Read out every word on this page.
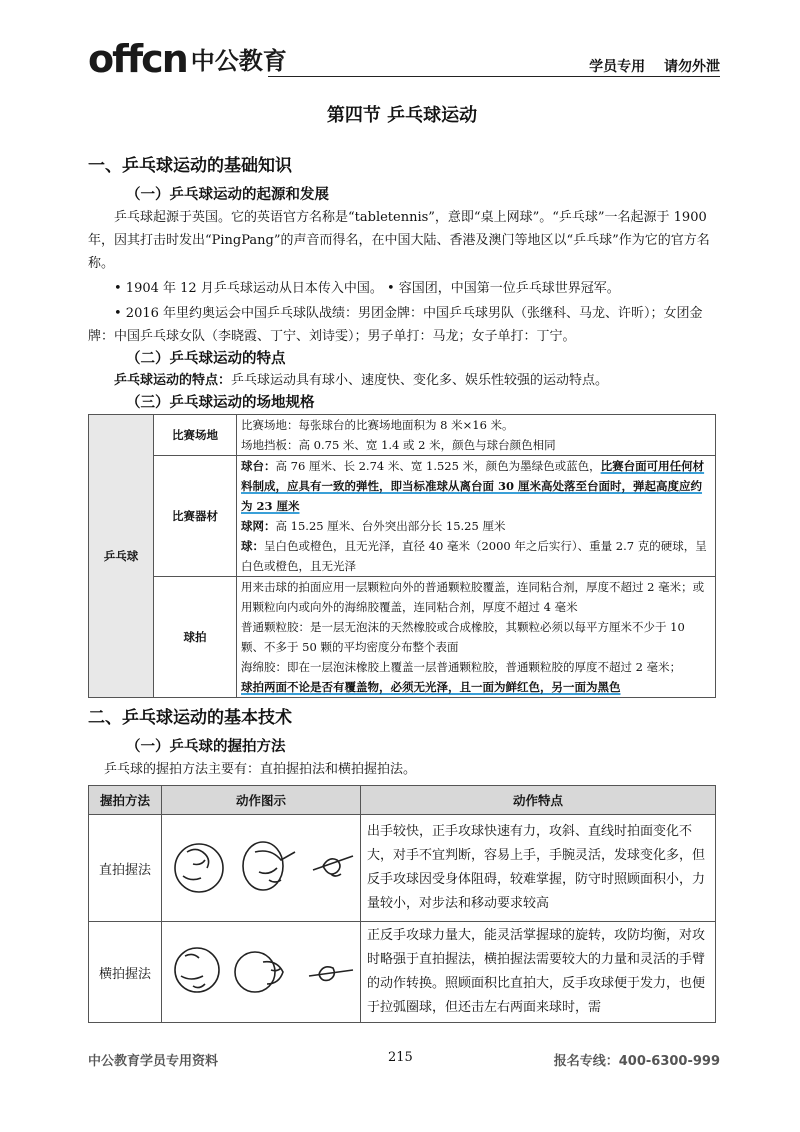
offcn 中公教育	学员专用 请勿外泄
第四节 乒乓球运动
一、乒乓球运动的基础知识
（一）乒乓球运动的起源和发展

乒乓球起源于英国。它的英语官方名称是“tabletennis”，意即“桌上网球”。“乒乓球”一名起源于 1900 年，因其打击时发出“PingPang”的声音而得名，在中国大陆、香港及澳门等地区以“乒乓球”作为它的官方名称。

• 1904 年 12 月乒乓球运动从日本传入中国。 • 容国团，中国第一位乒乓球世界冠军。

• 2016 年里约奥运会中国乒乓球队战绩：男团金牌：中国乒乓球男队（张继科、马龙、许昕）；女团金牌：中国乒乓球女队（李晓霞、丁宁、刘诗雯）；男子单打：马龙；女子单打：丁宁。

（二）乒乓球运动的特点

乒乓球运动的特点：乒乓球运动具有球小、速度快、变化多、娱乐性较强的运动特点。

（三）乒乓球运动的场地规格
乒乓球	比赛场地	比赛场地：每张球台的比赛场地面积为 8 米×16 米。
场地挡板：高 0.75 米、宽 1.4 或 2 米，颜色与球台颜色相同

	比赛器材	球台：高 76 厘米、长 2.74 米、宽 1.525 米，颜色为墨绿色或蓝色，比赛台面可用任何材料制成，应具有一致的弹性，即当标准球从离台面 30 厘米高处落至台面时，弹起高度应约为 23 厘米
球网：高 15.25 厘米、台外突出部分长 15.25 厘米
球：呈白色或橙色，且无光泽，直径 40 毫米（2000 年之后实行）、重量 2.7 克的硬球，呈白色或橙色，且无光泽

	球拍	用来击球的拍面应用一层颗粒向外的普通颗粒胶覆盖，连同粘合剂，厚度不超过 2 毫米；或用颗粒向内或向外的海绵胶覆盖，连同粘合剂，厚度不超过 4 毫米
普通颗粒胶：是一层无泡沫的天然橡胶或合成橡胶，其颗粒必须以每平方厘米不少于 10 颗、不多于 50 颗的平均密度分布整个表面
海绵胶：即在一层泡沫橡胶上覆盖一层普通颗粒胶，普通颗粒胶的厚度不超过 2 毫米；
球拍两面不论是否有覆盖物，必须无光泽，且一面为鲜红色，另一面为黑色
二、乒乓球运动的基本技术
（一）乒乓球的握拍方法

乒乓球的握拍方法主要有：直拍握拍法和横拍握拍法。

握拍方法	动作图示	动作特点
直拍握法		出手较快，正手攻球快速有力，攻斜、直线时拍面变化不大，对手不宜判断，容易上手，手腕灵活，发球变化多，但反手攻球因受身体阻碍，较难掌握，防守时照顾面积小，力量较小，对步法和移动要求较高
横拍握法		正反手攻球力量大，能灵活掌握球的旋转，攻防均衡，对攻时略强于直拍握法，横拍握法需要较大的力量和灵活的手臂的动作转换。照顾面积比直拍大，反手攻球便于发力，也便于拉弧圈球，但还击左右两面来球时，需
中公教育学员专用资料	215	报名专线：400-6300-999
